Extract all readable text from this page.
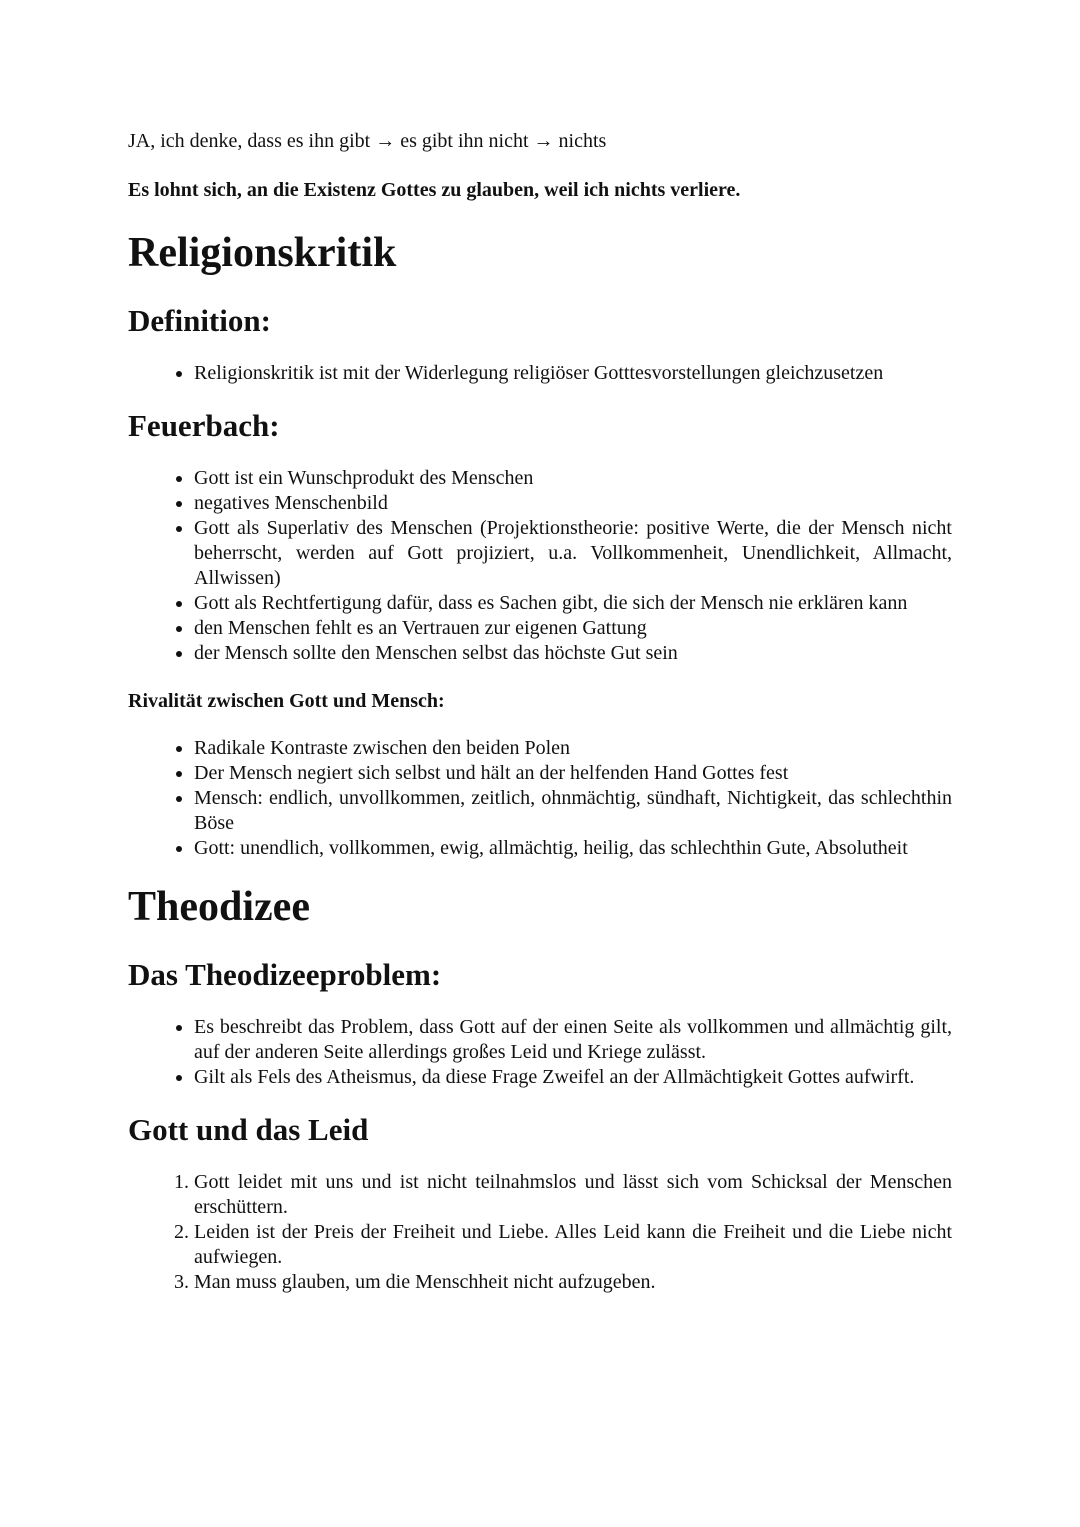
JA, ich denke, dass es ihn gibt → es gibt ihn nicht → nichts

Es lohnt sich, an die Existenz Gottes zu glauben, weil ich nichts verliere.

Religionskritik
Definition:
• Religionskritik ist mit der Widerlegung religiöser Gotttesvorstellungen gleichzusetzen
Feuerbach:
• Gott ist ein Wunschprodukt des Menschen
• negatives Menschenbild
• Gott als Superlativ des Menschen (Projektionstheorie: positive Werte, die der Mensch nicht beherrscht, werden auf Gott projiziert, u.a. Vollkommenheit, Unendlichkeit, Allmacht, Allwissen)
• Gott als Rechtfertigung dafür, dass es Sachen gibt, die sich der Mensch nie erklären kann
• den Menschen fehlt es an Vertrauen zur eigenen Gattung
• der Mensch sollte den Menschen selbst das höchste Gut sein
Rivalität zwischen Gott und Mensch:
• Radikale Kontraste zwischen den beiden Polen
• Der Mensch negiert sich selbst und hält an der helfenden Hand Gottes fest
• Mensch: endlich, unvollkommen, zeitlich, ohnmächtig, sündhaft, Nichtigkeit, das schlechthin Böse
• Gott: unendlich, vollkommen, ewig, allmächtig, heilig, das schlechthin Gute, Absolutheit
Theodizee
Das Theodizeeproblem:
• Es beschreibt das Problem, dass Gott auf der einen Seite als vollkommen und allmächtig gilt, auf der anderen Seite allerdings großes Leid und Kriege zulässt.
• Gilt als Fels des Atheismus, da diese Frage Zweifel an der Allmächtigkeit Gottes aufwirft.
Gott und das Leid
1. Gott leidet mit uns und ist nicht teilnahmslos und lässt sich vom Schicksal der Menschen erschüttern.
2. Leiden ist der Preis der Freiheit und Liebe. Alles Leid kann die Freiheit und die Liebe nicht aufwiegen.
3. Man muss glauben, um die Menschheit nicht aufzugeben.
